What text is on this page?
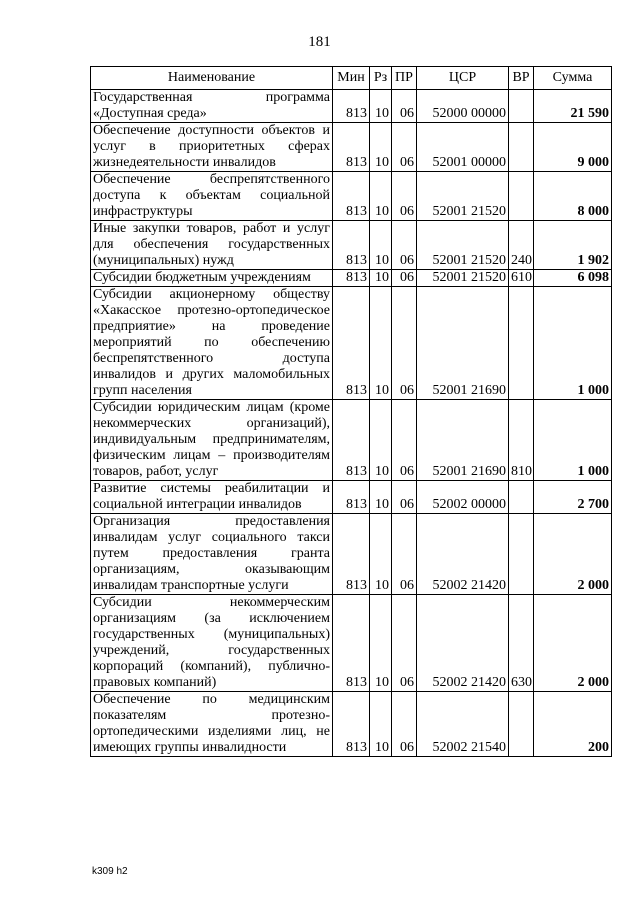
181
Наименование	Мин	Рз	ПР	ЦСР	ВР	Сумма
Государственная программа «Доступная среда»	813	10	06	52000 00000		21 590
Обеспечение доступности объектов и услуг в приоритетных сферах жизнедеятельности инвалидов	813	10	06	52001 00000		9 000
Обеспечение беспрепятственного доступа к объектам социальной инфраструктуры	813	10	06	52001 21520		8 000
Иные закупки товаров, работ и услуг для обеспечения государственных (муниципальных) нужд	813	10	06	52001 21520	240	1 902
Субсидии бюджетным учреждениям	813	10	06	52001 21520	610	6 098
Субсидии акционерному обществу «Хакасское протезно-ортопедическое предприятие» на проведение мероприятий по обеспечению беспрепятственного доступа инвалидов и других маломобильных групп населения	813	10	06	52001 21690		1 000
Субсидии юридическим лицам (кроме некоммерческих организаций), индивидуальным предпринимателям, физическим лицам – производителям товаров, работ, услуг	813	10	06	52001 21690	810	1 000
Развитие системы реабилитации и социальной интеграции инвалидов	813	10	06	52002 00000		2 700
Организация предоставления инвалидам услуг социального такси путем предоставления гранта организациям, оказывающим инвалидам транспортные услуги	813	10	06	52002 21420		2 000
Субсидии некоммерческим организациям (за исключением государственных (муниципальных) учреждений, государственных корпораций (компаний), публично-правовых компаний)	813	10	06	52002 21420	630	2 000
Обеспечение по медицинским показателям протезно-ортопедическими изделиями лиц, не имеющих группы инвалидности	813	10	06	52002 21540		200
k309 h2
